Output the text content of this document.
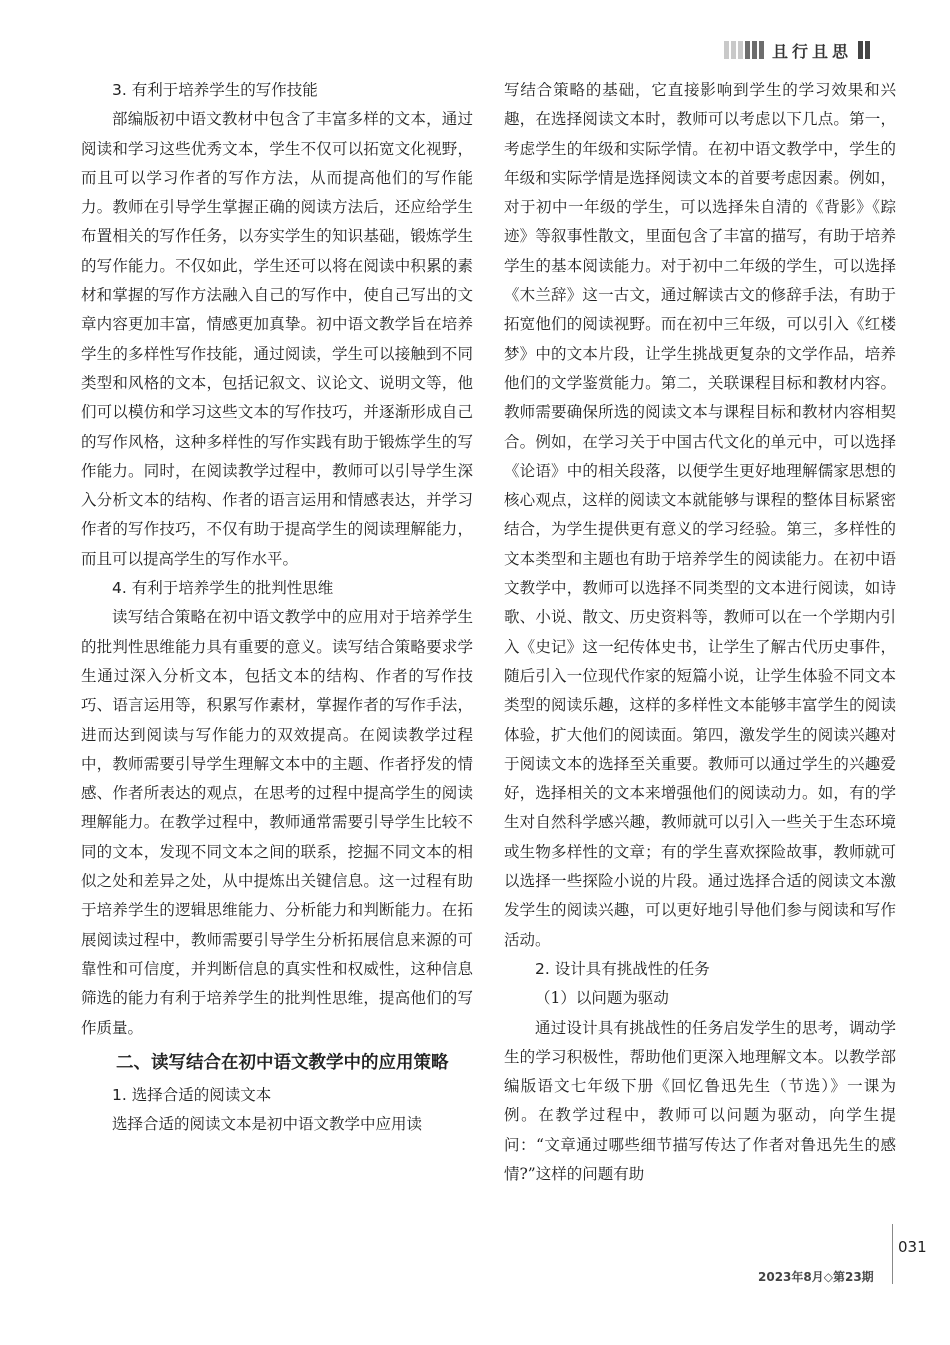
且行且思
3. 有利于培养学生的写作技能

部编版初中语文教材中包含了丰富多样的文本，通过阅读和学习这些优秀文本，学生不仅可以拓宽文化视野，而且可以学习作者的写作方法，从而提高他们的写作能力。教师在引导学生掌握正确的阅读方法后，还应给学生布置相关的写作任务，以夯实学生的知识基础，锻炼学生的写作能力。不仅如此，学生还可以将在阅读中积累的素材和掌握的写作方法融入自己的写作中，使自己写出的文章内容更加丰富，情感更加真挚。初中语文教学旨在培养学生的多样性写作技能，通过阅读，学生可以接触到不同类型和风格的文本，包括记叙文、议论文、说明文等，他们可以模仿和学习这些文本的写作技巧，并逐渐形成自己的写作风格，这种多样性的写作实践有助于锻炼学生的写作能力。同时，在阅读教学过程中，教师可以引导学生深入分析文本的结构、作者的语言运用和情感表达，并学习作者的写作技巧，不仅有助于提高学生的阅读理解能力，而且可以提高学生的写作水平。

4. 有利于培养学生的批判性思维

读写结合策略在初中语文教学中的应用对于培养学生的批判性思维能力具有重要的意义。读写结合策略要求学生通过深入分析文本，包括文本的结构、作者的写作技巧、语言运用等，积累写作素材，掌握作者的写作手法，进而达到阅读与写作能力的双效提高。在阅读教学过程中，教师需要引导学生理解文本中的主题、作者抒发的情感、作者所表达的观点，在思考的过程中提高学生的阅读理解能力。在教学过程中，教师通常需要引导学生比较不同的文本，发现不同文本之间的联系，挖掘不同文本的相似之处和差异之处，从中提炼出关键信息。这一过程有助于培养学生的逻辑思维能力、分析能力和判断能力。在拓展阅读过程中，教师需要引导学生分析拓展信息来源的可靠性和可信度，并判断信息的真实性和权威性，这种信息筛选的能力有利于培养学生的批判性思维，提高他们的写作质量。

二、读写结合在初中语文教学中的应用策略
1. 选择合适的阅读文本

选择合适的阅读文本是初中语文教学中应用读

写结合策略的基础，它直接影响到学生的学习效果和兴趣，在选择阅读文本时，教师可以考虑以下几点。第一，考虑学生的年级和实际学情。在初中语文教学中，学生的年级和实际学情是选择阅读文本的首要考虑因素。例如，对于初中一年级的学生，可以选择朱自清的《背影》《踪迹》等叙事性散文，里面包含了丰富的描写，有助于培养学生的基本阅读能力。对于初中二年级的学生，可以选择《木兰辞》这一古文，通过解读古文的修辞手法，有助于拓宽他们的阅读视野。而在初中三年级，可以引入《红楼梦》中的文本片段，让学生挑战更复杂的文学作品，培养他们的文学鉴赏能力。第二，关联课程目标和教材内容。教师需要确保所选的阅读文本与课程目标和教材内容相契合。例如，在学习关于中国古代文化的单元中，可以选择《论语》中的相关段落，以便学生更好地理解儒家思想的核心观点，这样的阅读文本就能够与课程的整体目标紧密结合，为学生提供更有意义的学习经验。第三，多样性的文本类型和主题也有助于培养学生的阅读能力。在初中语文教学中，教师可以选择不同类型的文本进行阅读，如诗歌、小说、散文、历史资料等，教师可以在一个学期内引入《史记》这一纪传体史书，让学生了解古代历史事件，随后引入一位现代作家的短篇小说，让学生体验不同文本类型的阅读乐趣，这样的多样性文本能够丰富学生的阅读体验，扩大他们的阅读面。第四，激发学生的阅读兴趣对于阅读文本的选择至关重要。教师可以通过学生的兴趣爱好，选择相关的文本来增强他们的阅读动力。如，有的学生对自然科学感兴趣，教师就可以引入一些关于生态环境或生物多样性的文章；有的学生喜欢探险故事，教师就可以选择一些探险小说的片段。通过选择合适的阅读文本激发学生的阅读兴趣，可以更好地引导他们参与阅读和写作活动。

2. 设计具有挑战性的任务
（1）以问题为驱动

通过设计具有挑战性的任务启发学生的思考，调动学生的学习积极性，帮助他们更深入地理解文本。以教学部编版语文七年级下册《回忆鲁迅先生（节选）》一课为例。在教学过程中，教师可以问题为驱动，向学生提问：“文章通过哪些细节描写传达了作者对鲁迅先生的感情?”这样的问题有助

031
2023年8月◇第23期
